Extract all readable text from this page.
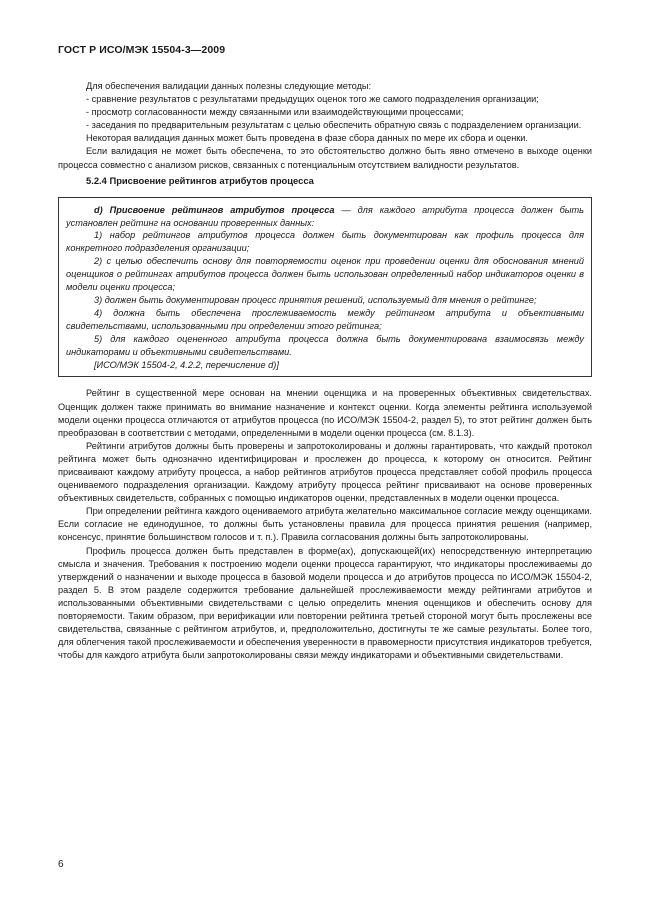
ГОСТ Р ИСО/МЭК 15504-3—2009

Для обеспечения валидации данных полезны следующие методы:

- сравнение результатов с результатами предыдущих оценок того же самого подразделения организации;

- просмотр согласованности между связанными или взаимодействующими процессами;

- заседания по предварительным результатам с целью обеспечить обратную связь с подразделением организации.

Некоторая валидация данных может быть проведена в фазе сбора данных по мере их сбора и оценки.

Если валидация не может быть обеспечена, то это обстоятельство должно быть явно отмечено в выходе оценки процесса совместно с анализом рисков, связанных с потенциальным отсутствием валидности результатов.

5.2.4 Присвоение рейтингов атрибутов процесса

d) Присвоение рейтингов атрибутов процесса — для каждого атрибута процесса должен быть установлен рейтинг на основании проверенных данных:

1) набор рейтингов атрибутов процесса должен быть документирован как профиль процесса для конкретного подразделения организации;

2) с целью обеспечить основу для повторяемости оценок при проведении оценки для обоснования мнений оценщиков о рейтингах атрибутов процесса должен быть использован определенный набор индикаторов оценки в модели оценки процесса;

3) должен быть документирован процесс принятия решений, используемый для мнения о рейтинге;

4) должна быть обеспечена прослеживаемость между рейтингом атрибута и объективными свидетельствами, использованными при определении этого рейтинга;

5) для каждого оцененного атрибута процесса должна быть документирована взаимосвязь между индикаторами и объективными свидетельствами.

[ИСО/МЭК 15504-2, 4.2.2, перечисление d)]

Рейтинг в существенной мере основан на мнении оценщика и на проверенных объективных свидетельствах. Оценщик должен также принимать во внимание назначение и контекст оценки. Когда элементы рейтинга используемой модели оценки процесса отличаются от атрибутов процесса (по ИСО/МЭК 15504-2, раздел 5), то этот рейтинг должен быть преобразован в соответствии с методами, определенными в модели оценки процесса (см. 8.1.3).

Рейтинги атрибутов должны быть проверены и запротоколированы и должны гарантировать, что каждый протокол рейтинга может быть однозначно идентифицирован и прослежен до процесса, к которому он относится. Рейтинг присваивают каждому атрибуту процесса, а набор рейтингов атрибутов процесса представляет собой профиль процесса оцениваемого подразделения организации. Каждому атрибуту процесса рейтинг присваивают на основе проверенных объективных свидетельств, собранных с помощью индикаторов оценки, представленных в модели оценки процесса.

При определении рейтинга каждого оцениваемого атрибута желательно максимальное согласие между оценщиками. Если согласие не единодушное, то должны быть установлены правила для процесса принятия решения (например, консенсус, принятие большинством голосов и т. п.). Правила согласования должны быть запротоколированы.

Профиль процесса должен быть представлен в форме(ах), допускающей(их) непосредственную интерпретацию смысла и значения. Требования к построению модели оценки процесса гарантируют, что индикаторы прослеживаемы до утверждений о назначении и выходе процесса в базовой модели процесса и до атрибутов процесса по ИСО/МЭК 15504-2, раздел 5. В этом разделе содержится требование дальнейшей прослеживаемости между рейтингами атрибутов и использованными объективными свидетельствами с целью определить мнения оценщиков и обеспечить основу для повторяемости. Таким образом, при верификации или повторении рейтинга третьей стороной могут быть прослежены все свидетельства, связанные с рейтингом атрибутов, и, предположительно, достигнуты те же самые результаты. Более того, для облегчения такой прослеживаемости и обеспечения уверенности в правомерности присутствия индикаторов требуется, чтобы для каждого атрибута были запротоколированы связи между индикаторами и объективными свидетельствами.

6
